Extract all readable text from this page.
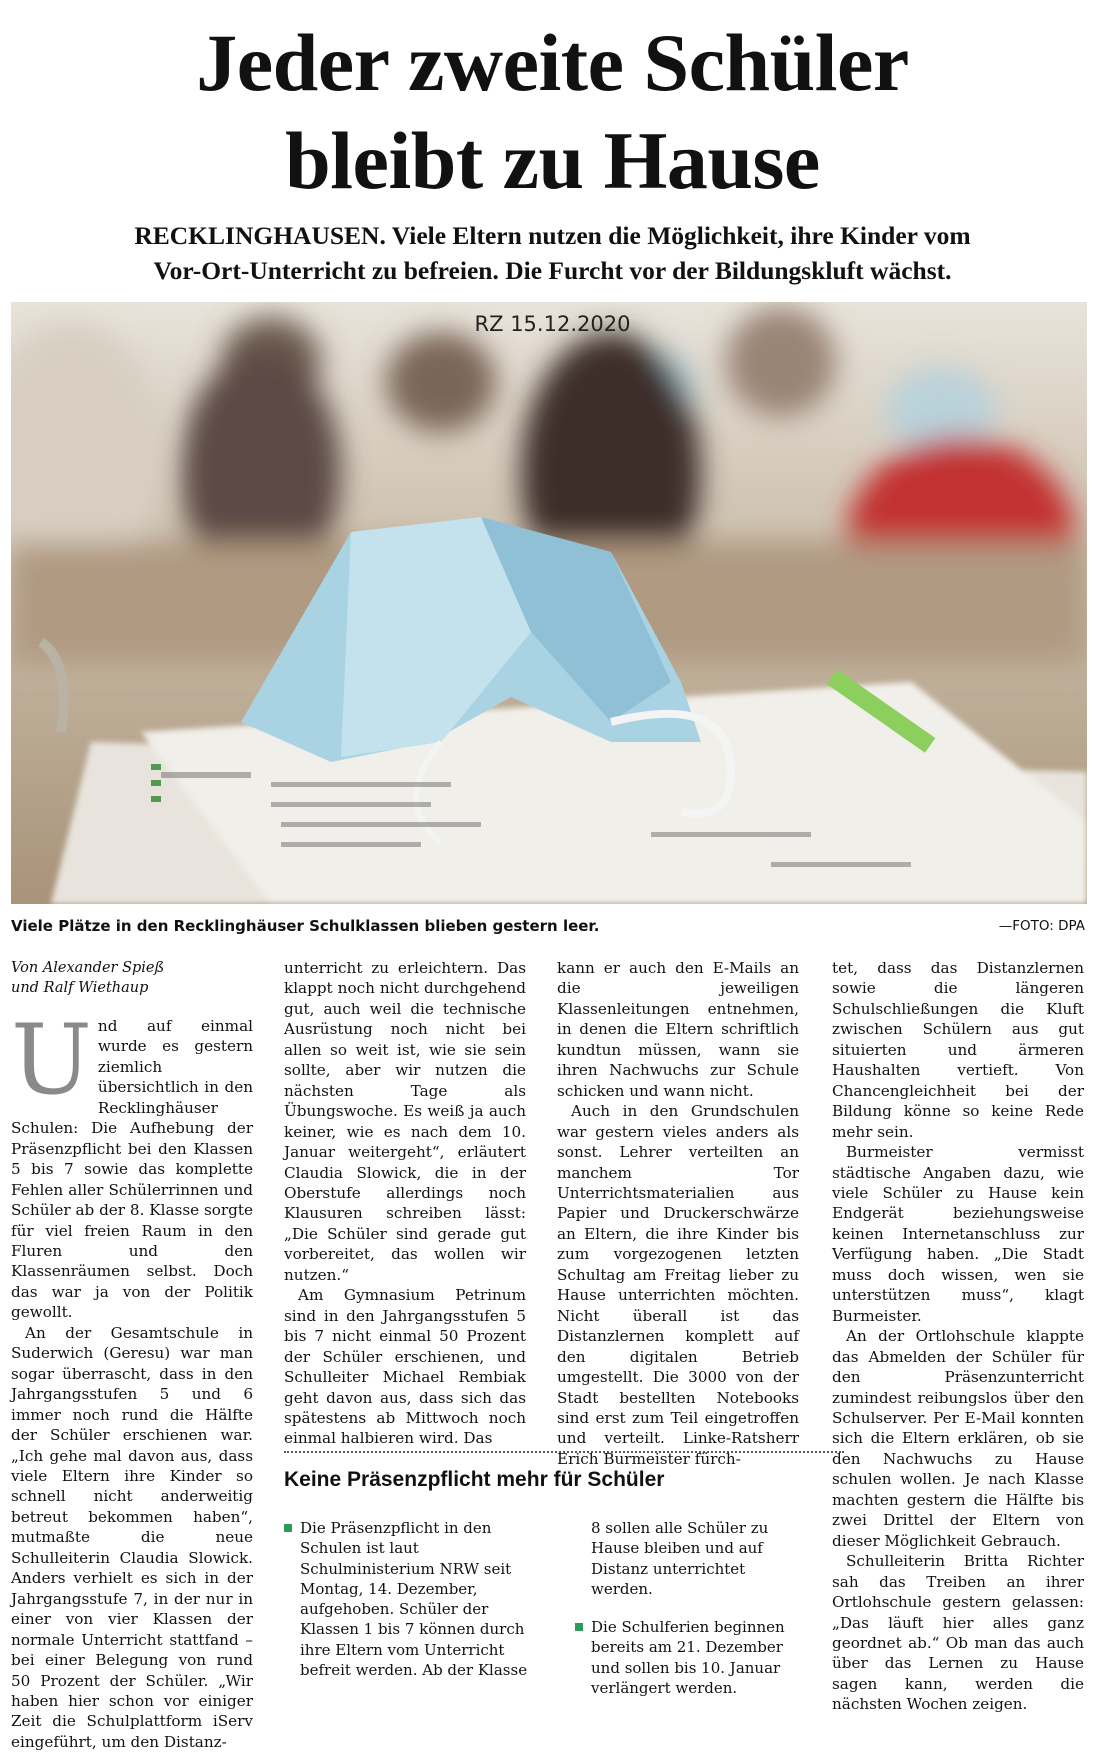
Jeder zweite Schüler
bleibt zu Hause
RECKLINGHAUSEN. Viele Eltern nutzen die Möglichkeit, ihre Kinder vom
Vor-Ort-Unterricht zu befreien. Die Furcht vor der Bildungskluft wächst.
RZ 15.12.2020
Viele Plätze in den Recklinghäuser Schulklassen blieben gestern leer.	—FOTO: DPA
Von Alexander Spieß
und Ralf Wiethaup

Und auf einmal wurde es gestern ziemlich übersichtlich in den Recklinghäuser Schulen: Die Aufhebung der Präsenzpflicht bei den Klassen 5 bis 7 sowie das komplette Fehlen aller Schülerrinnen und Schüler ab der 8. Klasse sorgte für viel freien Raum in den Fluren und den Klassenräumen selbst. Doch das war ja von der Politik gewollt.

An der Gesamtschule in Suderwich (Geresu) war man sogar überrascht, dass in den Jahrgangsstufen 5 und 6 immer noch rund die Hälfte der Schüler erschienen war. „Ich gehe mal davon aus, dass viele Eltern ihre Kinder so schnell nicht anderweitig betreut bekommen haben“, mutmaßte die neue Schulleiterin Claudia Slowick. Anders verhielt es sich in der Jahrgangsstufe 7, in der nur in einer von vier Klassen der normale Unterricht stattfand – bei einer Belegung von rund 50 Prozent der Schüler. „Wir haben hier schon vor einiger Zeit die Schulplattform iServ eingeführt, um den Distanz-

unterricht zu erleichtern. Das klappt noch nicht durchgehend gut, auch weil die technische Ausrüstung noch nicht bei allen so weit ist, wie sie sein sollte, aber wir nutzen die nächsten Tage als Übungswoche. Es weiß ja auch keiner, wie es nach dem 10. Januar weitergeht“, erläutert Claudia Slowick, die in der Oberstufe allerdings noch Klausuren schreiben lässt: „Die Schüler sind gerade gut vorbereitet, das wollen wir nutzen.“

Am Gymnasium Petrinum sind in den Jahrgangsstufen 5 bis 7 nicht einmal 50 Prozent der Schüler erschienen, und Schulleiter Michael Rembiak geht davon aus, dass sich das spätestens ab Mittwoch noch einmal halbieren wird. Das

kann er auch den E-Mails an die jeweiligen Klassenleitungen entnehmen, in denen die Eltern schriftlich kundtun müssen, wann sie ihren Nachwuchs zur Schule schicken und wann nicht.

Auch in den Grundschulen war gestern vieles anders als sonst. Lehrer verteilten an manchem Tor Unterrichtsmaterialien aus Papier und Druckerschwärze an Eltern, die ihre Kinder bis zum vorgezogenen letzten Schultag am Freitag lieber zu Hause unterrichten möchten. Nicht überall ist das Distanzlernen komplett auf den digitalen Betrieb umgestellt. Die 3000 von der Stadt bestellten Notebooks sind erst zum Teil eingetroffen und verteilt. Linke-Ratsherr Erich Burmeister fürch-

tet, dass das Distanzlernen sowie die längeren Schulschließungen die Kluft zwischen Schülern aus gut situierten und ärmeren Haushalten vertieft. Von Chancengleichheit bei der Bildung könne so keine Rede mehr sein.

Burmeister vermisst städtische Angaben dazu, wie viele Schüler zu Hause kein Endgerät beziehungsweise keinen Internetanschluss zur Verfügung haben. „Die Stadt muss doch wissen, wen sie unterstützen muss“, klagt Burmeister.

An der Ortlohschule klappte das Abmelden der Schüler für den Präsenzunterricht zumindest reibungslos über den Schulserver. Per E-Mail konnten sich die Eltern erklären, ob sie den Nachwuchs zu Hause schulen wollen. Je nach Klasse machten gestern die Hälfte bis zwei Drittel der Eltern von dieser Möglichkeit Gebrauch.

Schulleiterin Britta Richter sah das Treiben an ihrer Ortlohschule gestern gelassen: „Das läuft hier alles ganz geordnet ab.“ Ob man das auch über das Lernen zu Hause sagen kann, werden die nächsten Wochen zeigen.

Keine Präsenzpflicht mehr für Schüler
Die Präsenzpflicht in den Schulen ist laut Schulministerium NRW seit Montag, 14. Dezember, aufgehoben. Schüler der Klassen 1 bis 7 können durch ihre Eltern vom Unterricht befreit werden. Ab der Klasse
8 sollen alle Schüler zu Hause bleiben und auf Distanz unterrichtet werden.
Die Schulferien beginnen bereits am 21. Dezember und sollen bis 10. Januar verlängert werden.
